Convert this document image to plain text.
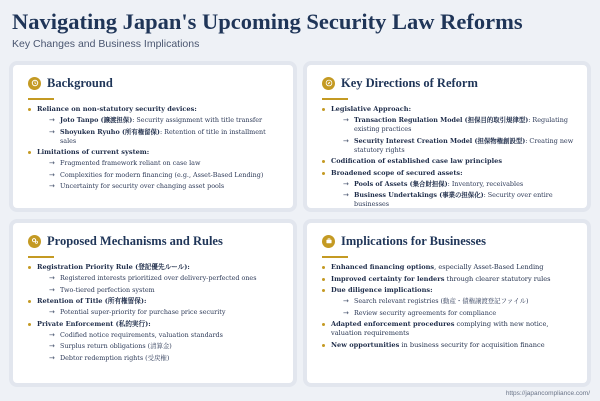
Navigating Japan's Upcoming Security Law Reforms
Key Changes and Business Implications
Background
Reliance on non-statutory security devices:
→ Joto Tanpo (譲渡担保): Security assignment with title transfer
→ Shoyuken Ryuho (所有権留保): Retention of title in installment sales
Limitations of current system:
→ Fragmented framework reliant on case law
→ Complexities for modern financing (e.g., Asset-Based Lending)
→ Uncertainty for security over changing asset pools
Key Directions of Reform
Legislative Approach:
→ Transaction Regulation Model (担保目的取引規律型): Regulating existing practices
→ Security Interest Creation Model (担保物権創設型): Creating new statutory rights
Codification of established case law principles
Broadened scope of secured assets:
→ Pools of Assets (集合財担保): Inventory, receivables
→ Business Undertakings (事業の担保化): Security over entire businesses
Proposed Mechanisms and Rules
Registration Priority Rule (登記優先ルール):
→ Registered interests prioritized over delivery-perfected ones
→ Two-tiered perfection system
Retention of Title (所有権留保):
→ Potential super-priority for purchase price security
Private Enforcement (私的実行):
→ Codified notice requirements, valuation standards
→ Surplus return obligations (清算金)
→ Debtor redemption rights (受戻権)
Implications for Businesses
Enhanced financing options, especially Asset-Based Lending
Improved certainty for lenders through clearer statutory rules
Due diligence implications:
→ Search relevant registries (動産・債権譲渡登記ファイル)
→ Review security agreements for compliance
Adapted enforcement procedures complying with new notice, valuation requirements
New opportunities in business security for acquisition finance
https://japancompliance.com/
